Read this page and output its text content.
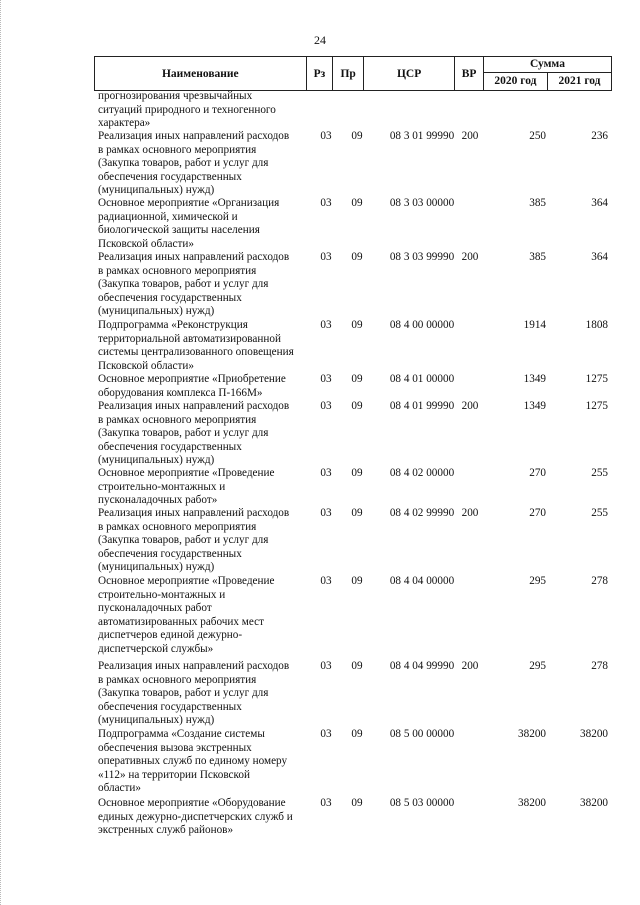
24
Наименование	Рз	Пр	ЦСР	ВР	Сумма	
					2020 год	2021 год
прогнозирования чрезвычайных
ситуаций природного и техногенного
характера»
Реализация иных направлений расходов
в рамках основного мероприятия
(Закупка товаров, работ и услуг для
обеспечения государственных
(муниципальных) нужд)
03	09	08 3 01 99990 200	250	236
Основное мероприятие «Организация
радиационной, химической и
биологической защиты населения
Псковской области»
03	09	08 3 03 00000	385	364
Реализация иных направлений расходов
в рамках основного мероприятия
(Закупка товаров, работ и услуг для
обеспечения государственных
(муниципальных) нужд)
03	09	08 3 03 99990 200	385	364
Подпрограмма «Реконструкция
территориальной автоматизированной
системы централизованного оповещения
Псковской области»
03	09	08 4 00 00000	1914	1808
Основное мероприятие «Приобретение
оборудования комплекса П-166М»
03	09	08 4 01 00000	1349	1275
Реализация иных направлений расходов
в рамках основного мероприятия
(Закупка товаров, работ и услуг для
обеспечения государственных
(муниципальных) нужд)
03	09	08 4 01 99990 200	1349	1275
Основное мероприятие «Проведение
строительно-монтажных и
пусконаладочных работ»
03	09	08 4 02 00000	270	255
Реализация иных направлений расходов
в рамках основного мероприятия
(Закупка товаров, работ и услуг для
обеспечения государственных
(муниципальных) нужд)
03	09	08 4 02 99990 200	270	255
Основное мероприятие «Проведение
строительно-монтажных и
пусконаладочных работ
автоматизированных рабочих мест
диспетчеров единой дежурно-
диспетчерской службы»
03	09	08 4 04 00000	295	278
Реализация иных направлений расходов
в рамках основного мероприятия
(Закупка товаров, работ и услуг для
обеспечения государственных
(муниципальных) нужд)
03	09	08 4 04 99990 200	295	278
Подпрограмма «Создание системы
обеспечения вызова экстренных
оперативных служб по единому номеру
«112» на территории Псковской
области»
03	09	08 5 00 00000	38200	38200
Основное мероприятие «Оборудование
единых дежурно-диспетчерских служб и
экстренных служб районов»
03	09	08 5 03 00000	38200	38200
